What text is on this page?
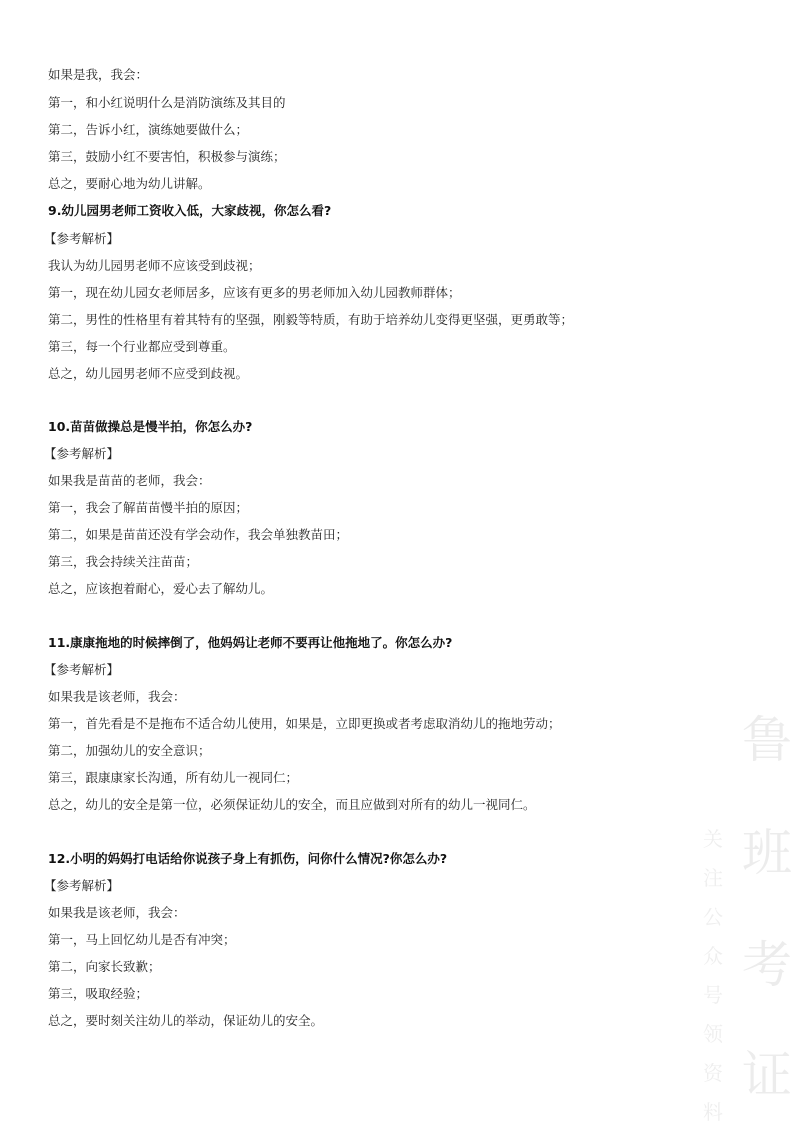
如果是我，我会：

第一，和小红说明什么是消防演练及其目的

第二，告诉小红，演练她要做什么；

第三，鼓励小红不要害怕，积极参与演练；

总之，要耐心地为幼儿讲解。

9.幼儿园男老师工资收入低，大家歧视，你怎么看?

【参考解析】

我认为幼儿园男老师不应该受到歧视；

第一，现在幼儿园女老师居多，应该有更多的男老师加入幼儿园教师群体；

第二，男性的性格里有着其特有的坚强，刚毅等特质，有助于培养幼儿变得更坚强，更勇敢等；

第三，每一个行业都应受到尊重。

总之，幼儿园男老师不应受到歧视。

10.苗苗做操总是慢半拍，你怎么办?

【参考解析】

如果我是苗苗的老师，我会：

第一，我会了解苗苗慢半拍的原因；

第二，如果是苗苗还没有学会动作，我会单独教苗田；

第三，我会持续关注苗苗；

总之，应该抱着耐心，爱心去了解幼儿。

11.康康拖地的时候摔倒了，他妈妈让老师不要再让他拖地了。你怎么办?

【参考解析】

如果我是该老师，我会：

第一，首先看是不是拖布不适合幼儿使用，如果是，立即更换或者考虑取消幼儿的拖地劳动；

第二，加强幼儿的安全意识；

第三，跟康康家长沟通，所有幼儿一视同仁；

总之，幼儿的安全是第一位，必须保证幼儿的安全，而且应做到对所有的幼儿一视同仁。

12.小明的妈妈打电话给你说孩子身上有抓伤，问你什么情况?你怎么办?

【参考解析】

如果我是该老师，我会：

第一，马上回忆幼儿是否有冲突；

第二，向家长致歉；

第三，吸取经验；

总之，要时刻关注幼儿的举动，保证幼儿的安全。

鲁
班
考
证
关
注
公
众
号
领
资
料
